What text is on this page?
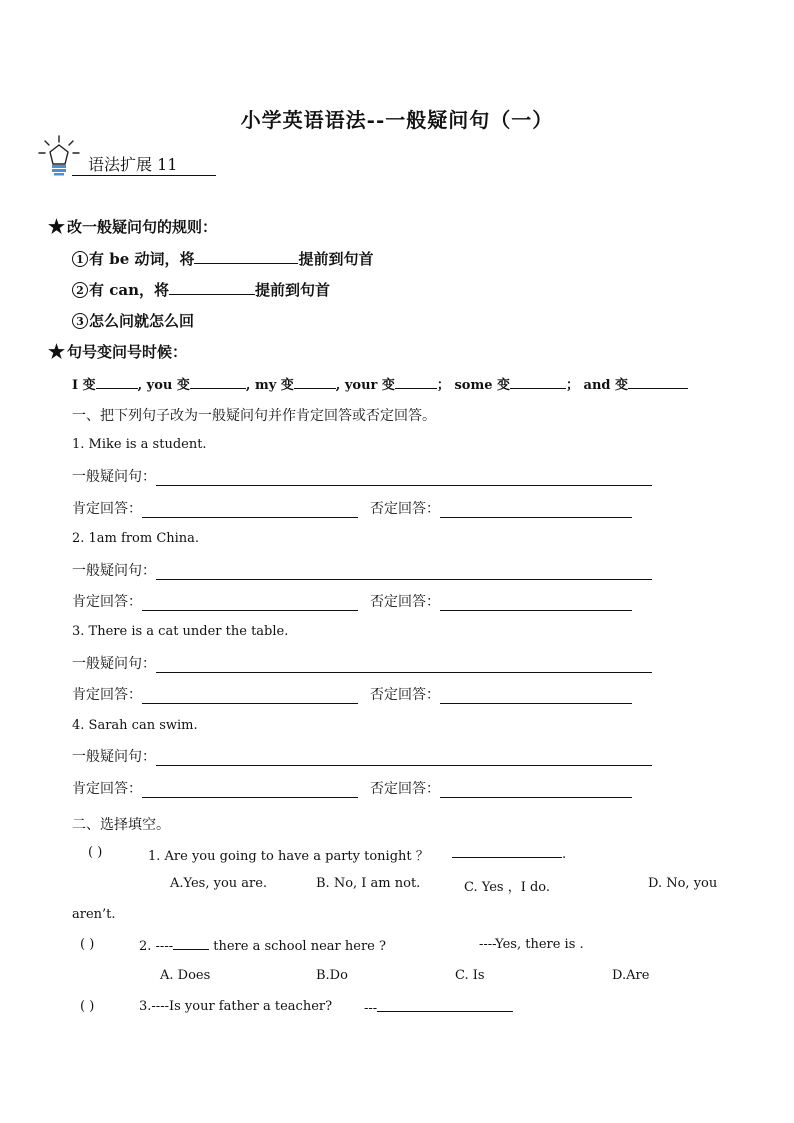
小学英语语法--一般疑问句（一）
语法扩展 11
★ 改一般疑问句的规则：
1 有 be 动词，将	提前到句首
2 有 can，将	提前到句首
3 怎么问就怎么回
★ 句号变问号时候：
I 变	, you 变	, my 变	, your 变	； some 变	； and 变
一、把下列句子改为一般疑问句并作肯定回答或否定回答。
1. Mike is a student.
一般疑问句：
肯定回答：	否定回答：
2. 1am from China.
一般疑问句：
肯定回答：	否定回答：
3. There is a cat under the table.
一般疑问句：
肯定回答：	否定回答：
4. Sarah can swim.
一般疑问句：
肯定回答：	否定回答：
二、选择填空。
( )	1. Are you going to have a party tonight ？	.
A.Yes, you are.	B. No, I am not.	C. Yes ，I do.	D. No, you
aren’t.
( )	2. ----	there a school near here ?	----Yes, there is .
A. Does	B.Do	C. Is	D.Are
( )	3.----Is your father a teacher? ---
